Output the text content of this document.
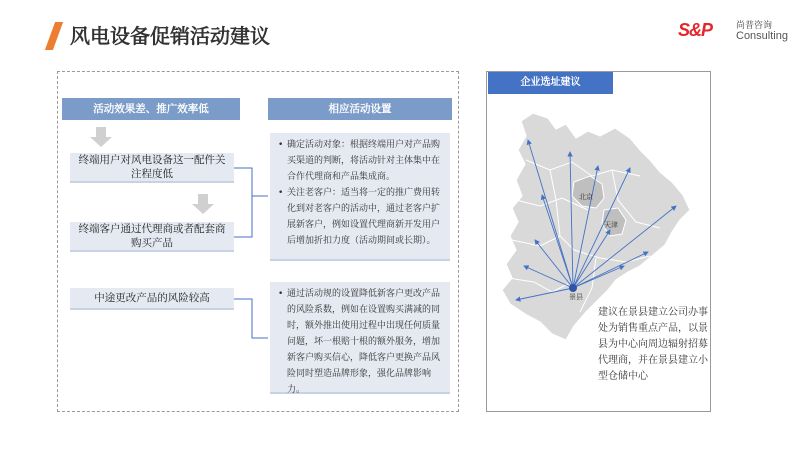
风电设备促销活动建议	S&P	尚普咨询
Consulting
活动效果差、推广效率低	相应活动设置
终端用户对风电设备这一配件关注程度低
终端客户通过代理商或者配套商购买产品
中途更改产品的风险较高
• 确定活动对象：根据终端用户对产品购买渠道的判断，将活动针对主体集中在合作代理商和产品集成商。
• 关注老客户：适当将一定的推广费用转化到对老客户的活动中，通过老客户扩展新客户，例如设置代理商新开发用户后增加折扣力度（活动期间或长期）。
• 通过活动规的设置降低新客户更改产品的风险系数，例如在设置购买满减的同时，额外推出使用过程中出现任何质量问题，坏一根赔十根的额外服务，增加新客户购买信心，降低客户更换产品风险同时塑造品牌形象，强化品牌影响力。
企业选址建议
北京
天津
景县
建议在景县建立公司办事处为销售重点产品，以景县为中心向周边辐射招募代理商，并在景县建立小型仓储中心
